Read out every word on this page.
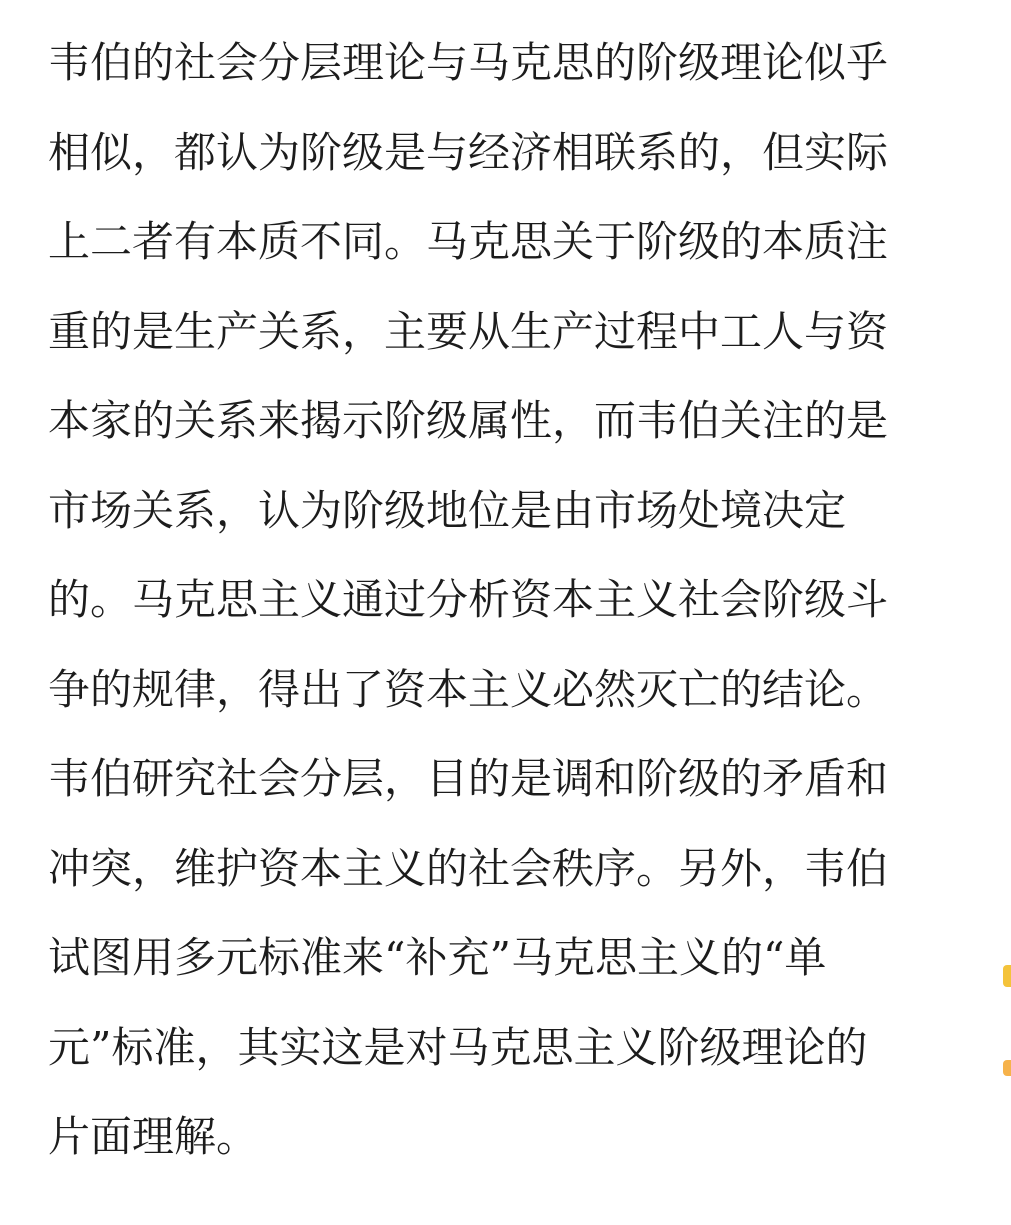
韦伯的社会分层理论与马克思的阶级理论似乎
相似，都认为阶级是与经济相联系的，但实际
上二者有本质不同。马克思关于阶级的本质注
重的是生产关系，主要从生产过程中工人与资
本家的关系来揭示阶级属性，而韦伯关注的是
市场关系，认为阶级地位是由市场处境决定
的。马克思主义通过分析资本主义社会阶级斗
争的规律，得出了资本主义必然灭亡的结论。
韦伯研究社会分层，目的是调和阶级的矛盾和
冲突，维护资本主义的社会秩序。另外，韦伯
试图用多元标准来“补充”马克思主义的“单
元”标准，其实这是对马克思主义阶级理论的
片面理解。
